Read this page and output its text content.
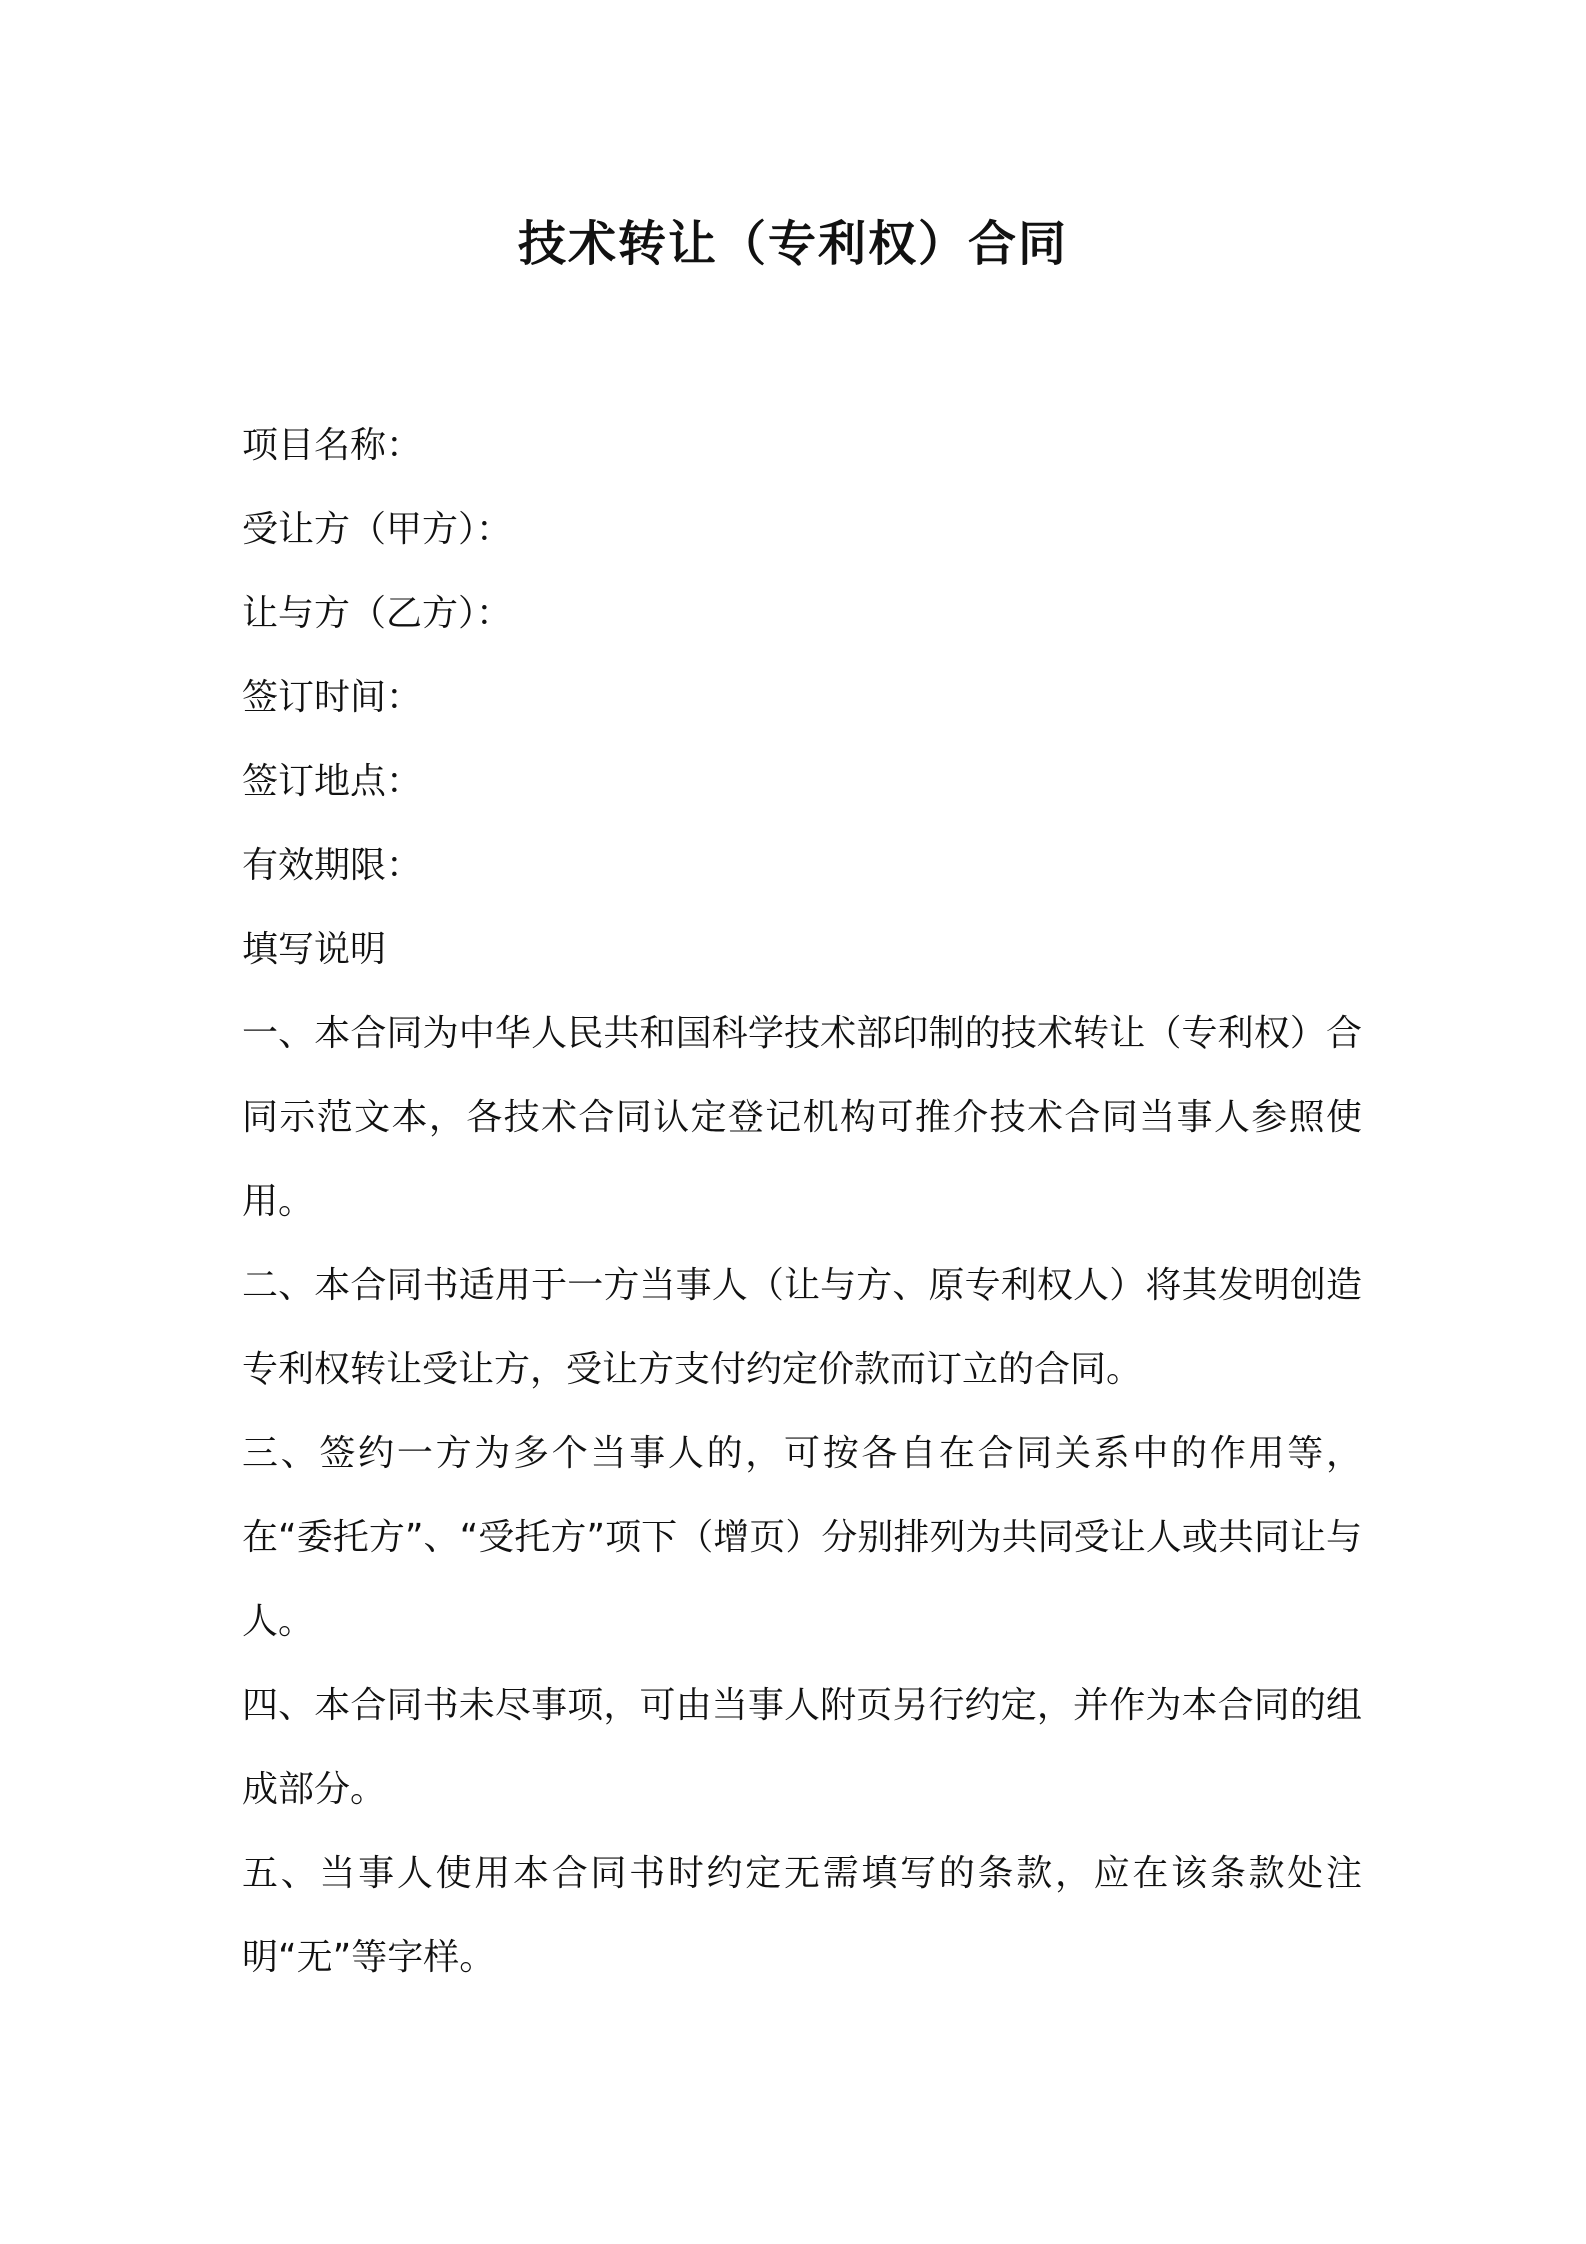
技术转让（专利权）合同

项目名称：

受让方（甲方）：

让与方（乙方）：

签订时间：

签订地点：

有效期限：

填写说明

一、本合同为中华人民共和国科学技术部印制的技术转让（专利权）合同示范文本，各技术合同认定登记机构可推介技术合同当事人参照使用。

二、本合同书适用于一方当事人（让与方、原专利权人）将其发明创造专利权转让受让方，受让方支付约定价款而订立的合同。

三、签约一方为多个当事人的，可按各自在合同关系中的作用等，在“委托方”、“受托方”项下（增页）分别排列为共同受让人或共同让与人。

四、本合同书未尽事项，可由当事人附页另行约定，并作为本合同的组成部分。

五、当事人使用本合同书时约定无需填写的条款，应在该条款处注明“无”等字样。
